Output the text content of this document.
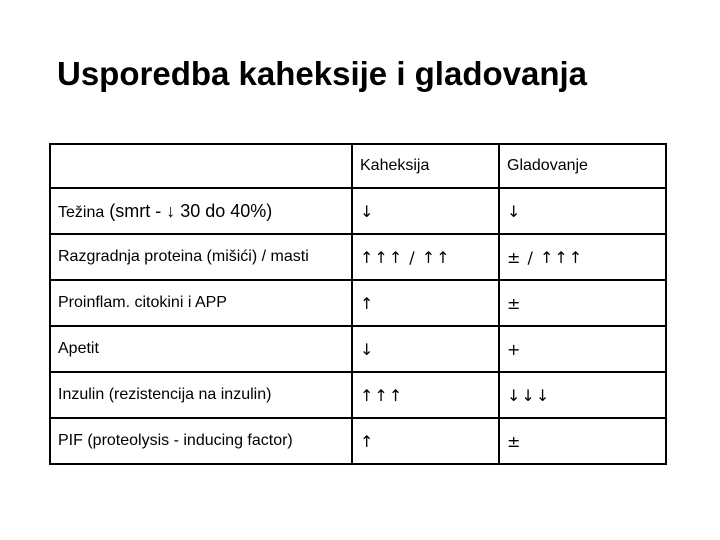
Usporedba kaheksije i gladovanja
	Kaheksija	Gladovanje
Težina (smrt - ↓ 30 do 40%)	↓	↓
Razgradnja proteina (mišići) / masti	↑↑↑ / ↑↑	± / ↑↑↑
Proinflam. citokini i APP	↑	±
Apetit	↓	+
Inzulin (rezistencija na inzulin)	↑↑↑	↓↓↓
PIF (proteolysis - inducing factor)	↑	±
